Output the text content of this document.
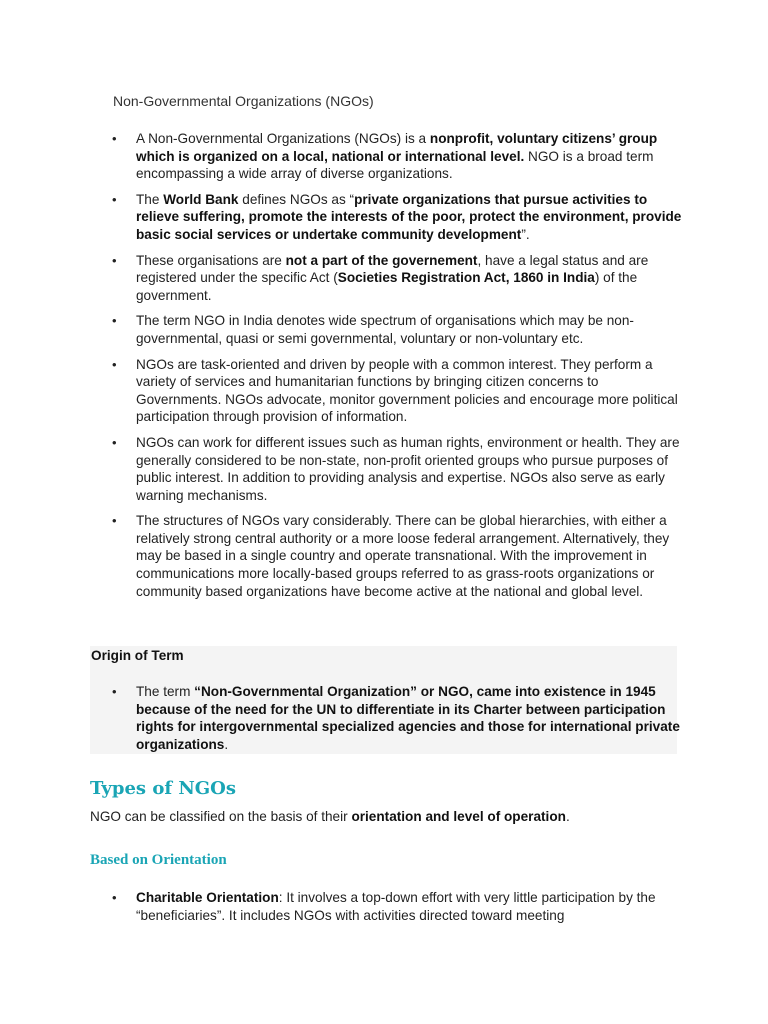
Non-Governmental Organizations (NGOs)
• A Non-Governmental Organizations (NGOs) is a nonprofit, voluntary citizens’ group which is organized on a local, national or international level. NGO is a broad term encompassing a wide array of diverse organizations.
• The World Bank defines NGOs as “private organizations that pursue activities to relieve suffering, promote the interests of the poor, protect the environment, provide basic social services or undertake community development”.
• These organisations are not a part of the governement, have a legal status and are registered under the specific Act (Societies Registration Act, 1860 in India) of the government.
• The term NGO in India denotes wide spectrum of organisations which may be non-governmental, quasi or semi governmental, voluntary or non-voluntary etc.
• NGOs are task-oriented and driven by people with a common interest. They perform a variety of services and humanitarian functions by bringing citizen concerns to Governments. NGOs advocate, monitor government policies and encourage more political participation through provision of information.
• NGOs can work for different issues such as human rights, environment or health. They are generally considered to be non-state, non-profit oriented groups who pursue purposes of public interest. In addition to providing analysis and expertise. NGOs also serve as early warning mechanisms.
• The structures of NGOs vary considerably. There can be global hierarchies, with either a relatively strong central authority or a more loose federal arrangement. Alternatively, they may be based in a single country and operate transnational. With the improvement in communications more locally-based groups referred to as grass-roots organizations or community based organizations have become active at the national and global level.
Origin of Term
• The term “Non-Governmental Organization” or NGO, came into existence in 1945 because of the need for the UN to differentiate in its Charter between participation rights for intergovernmental specialized agencies and those for international private organizations.
Types of NGOs
NGO can be classified on the basis of their orientation and level of operation.
Based on Orientation
• Charitable Orientation: It involves a top-down effort with very little participation by the “beneficiaries”. It includes NGOs with activities directed toward meeting
